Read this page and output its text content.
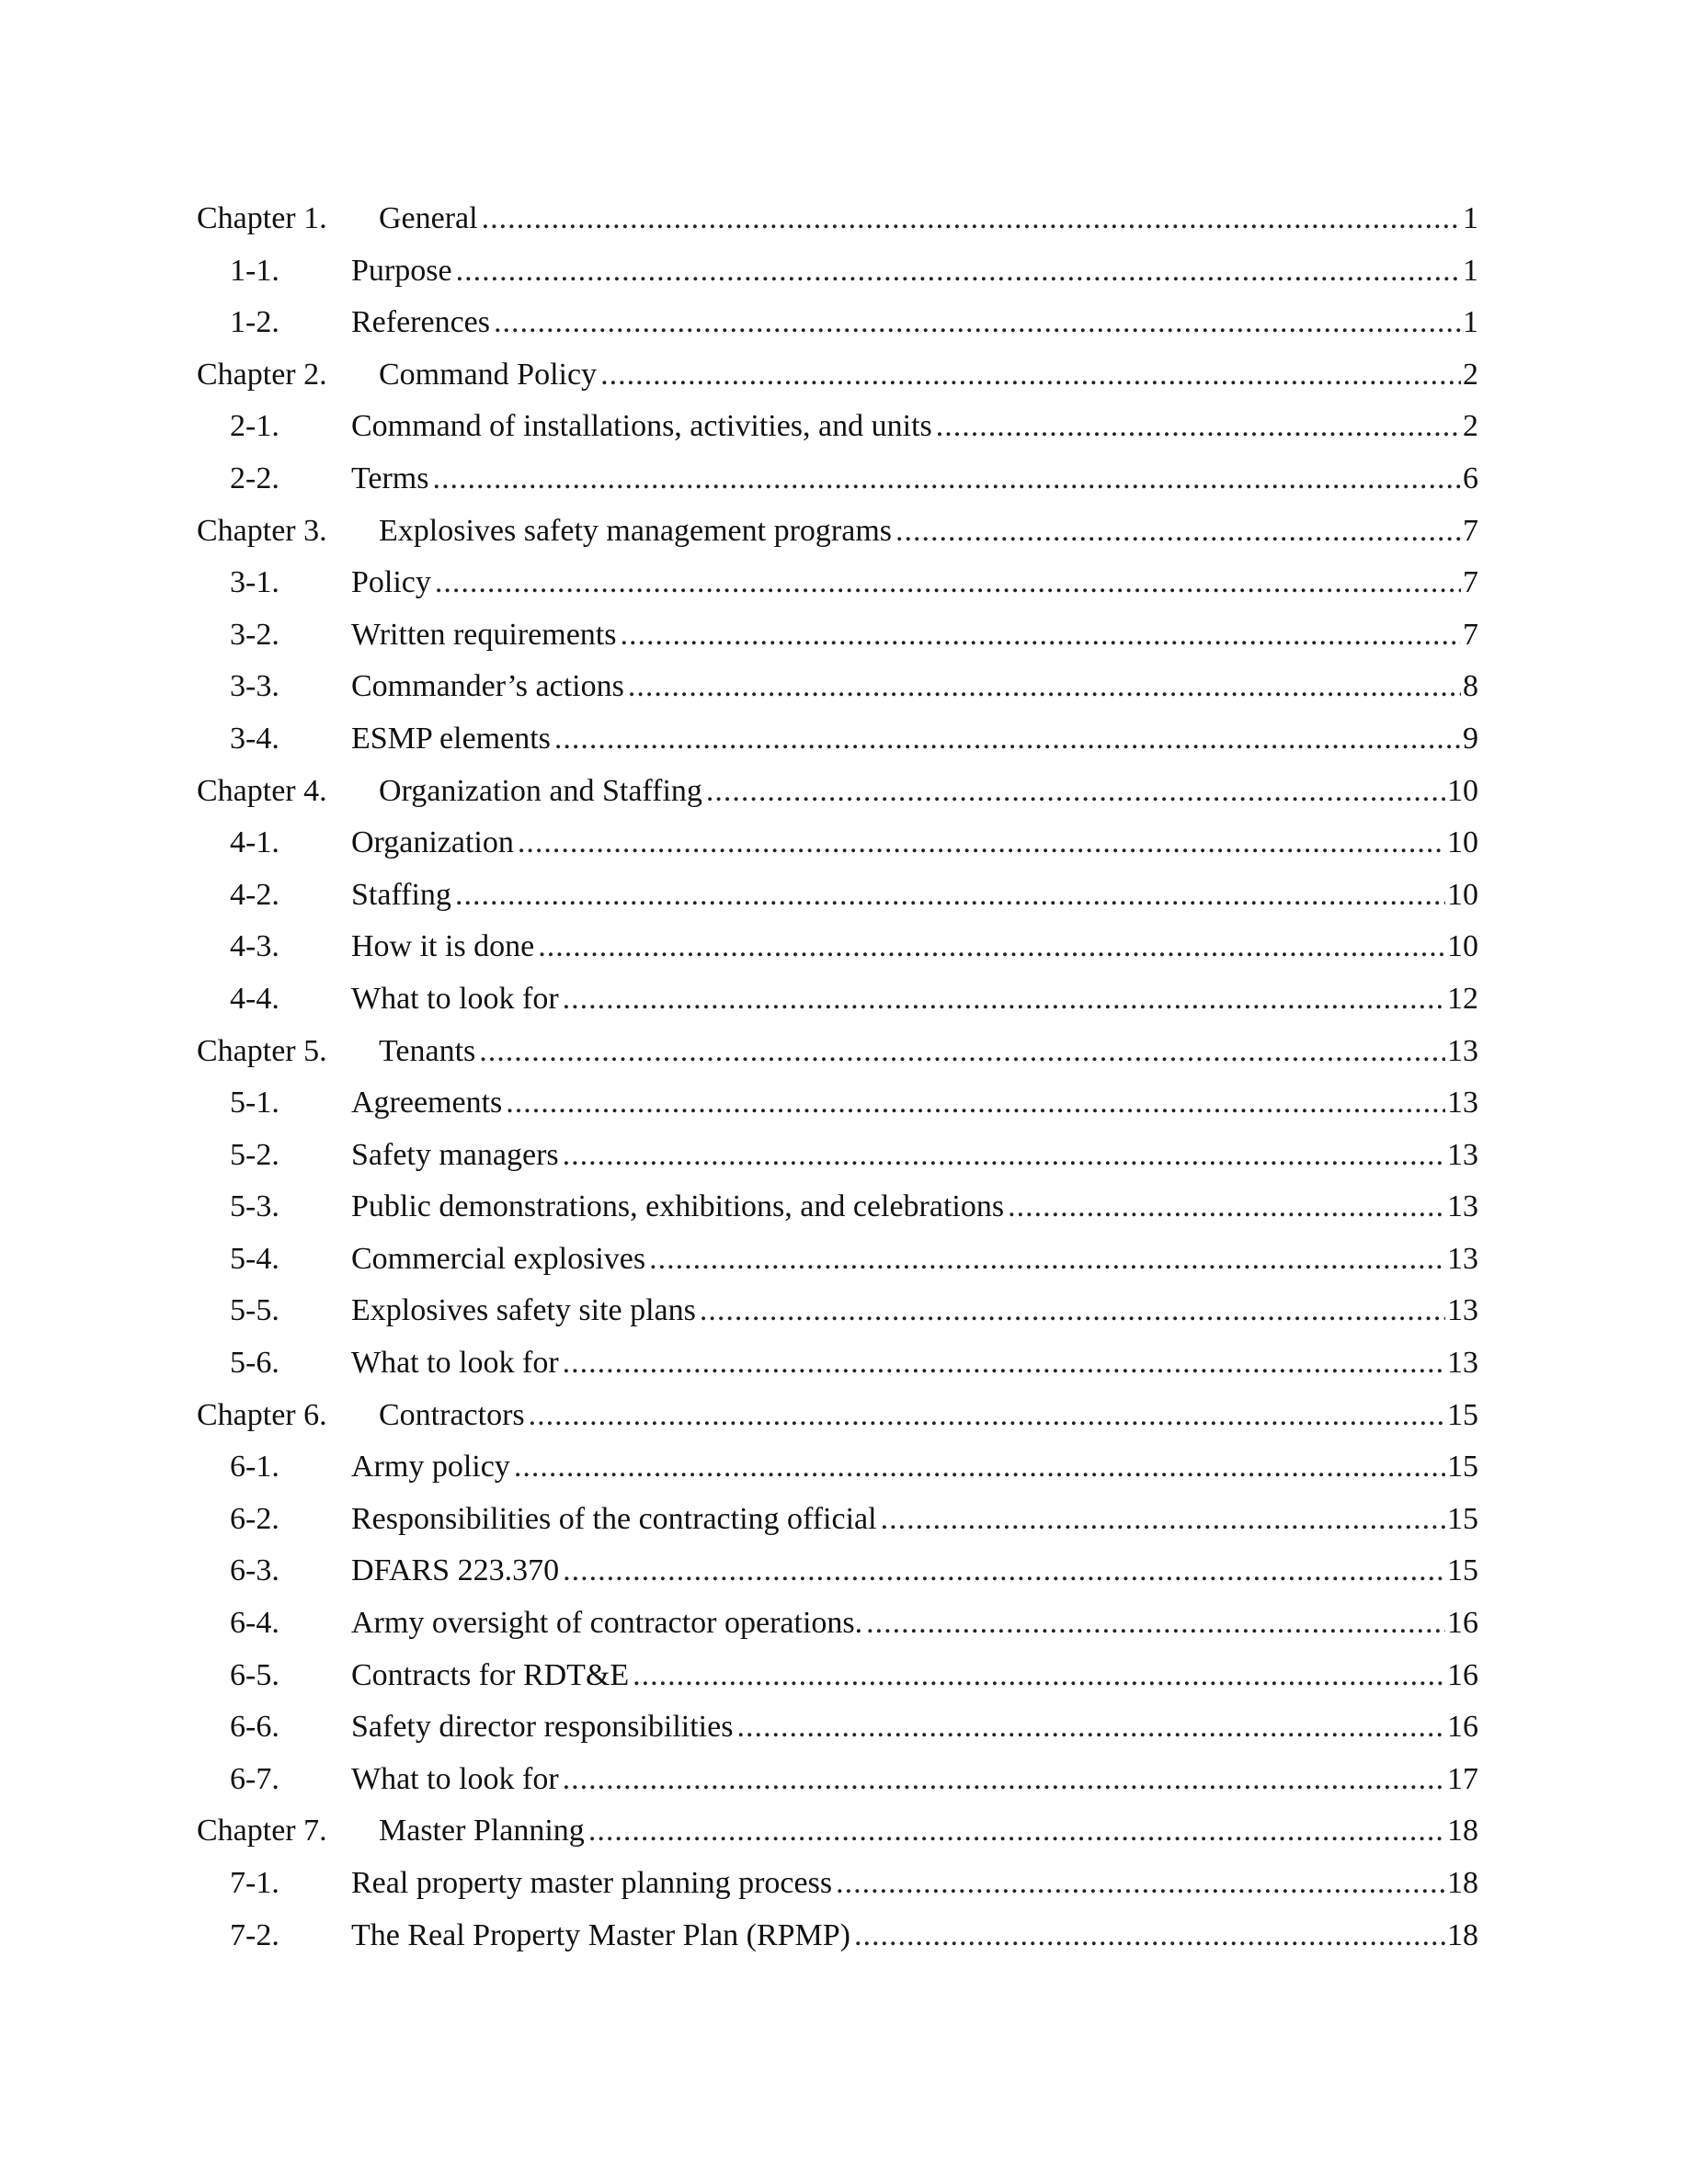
Chapter 1.	General .....	1
1-1.	Purpose .....	1
1-2.	References .....	1
Chapter 2.	Command Policy .....	2
2-1.	Command of installations, activities, and units .....	2
2-2.	Terms .....	6
Chapter 3.	Explosives safety management programs .....	7
3-1.	Policy .....	7
3-2.	Written requirements .....	7
3-3.	Commander’s actions .....	8
3-4.	ESMP elements .....	9
Chapter 4.	Organization and Staffing .....	10
4-1.	Organization .....	10
4-2.	Staffing .....	10
4-3.	How it is done .....	10
4-4.	What to look for .....	12
Chapter 5.	Tenants .....	13
5-1.	Agreements .....	13
5-2.	Safety managers .....	13
5-3.	Public demonstrations, exhibitions, and celebrations .....	13
5-4.	Commercial explosives .....	13
5-5.	Explosives safety site plans .....	13
5-6.	What to look for .....	13
Chapter 6.	Contractors .....	15
6-1.	Army policy .....	15
6-2.	Responsibilities of the contracting official .....	15
6-3.	DFARS 223.370 .....	15
6-4.	Army oversight of contractor operations. .....	16
6-5.	Contracts for RDT&E .....	16
6-6.	Safety director responsibilities .....	16
6-7.	What to look for .....	17
Chapter 7.	Master Planning .....	18
7-1.	Real property master planning process .....	18
7-2.	The Real Property Master Plan (RPMP) .....	18
